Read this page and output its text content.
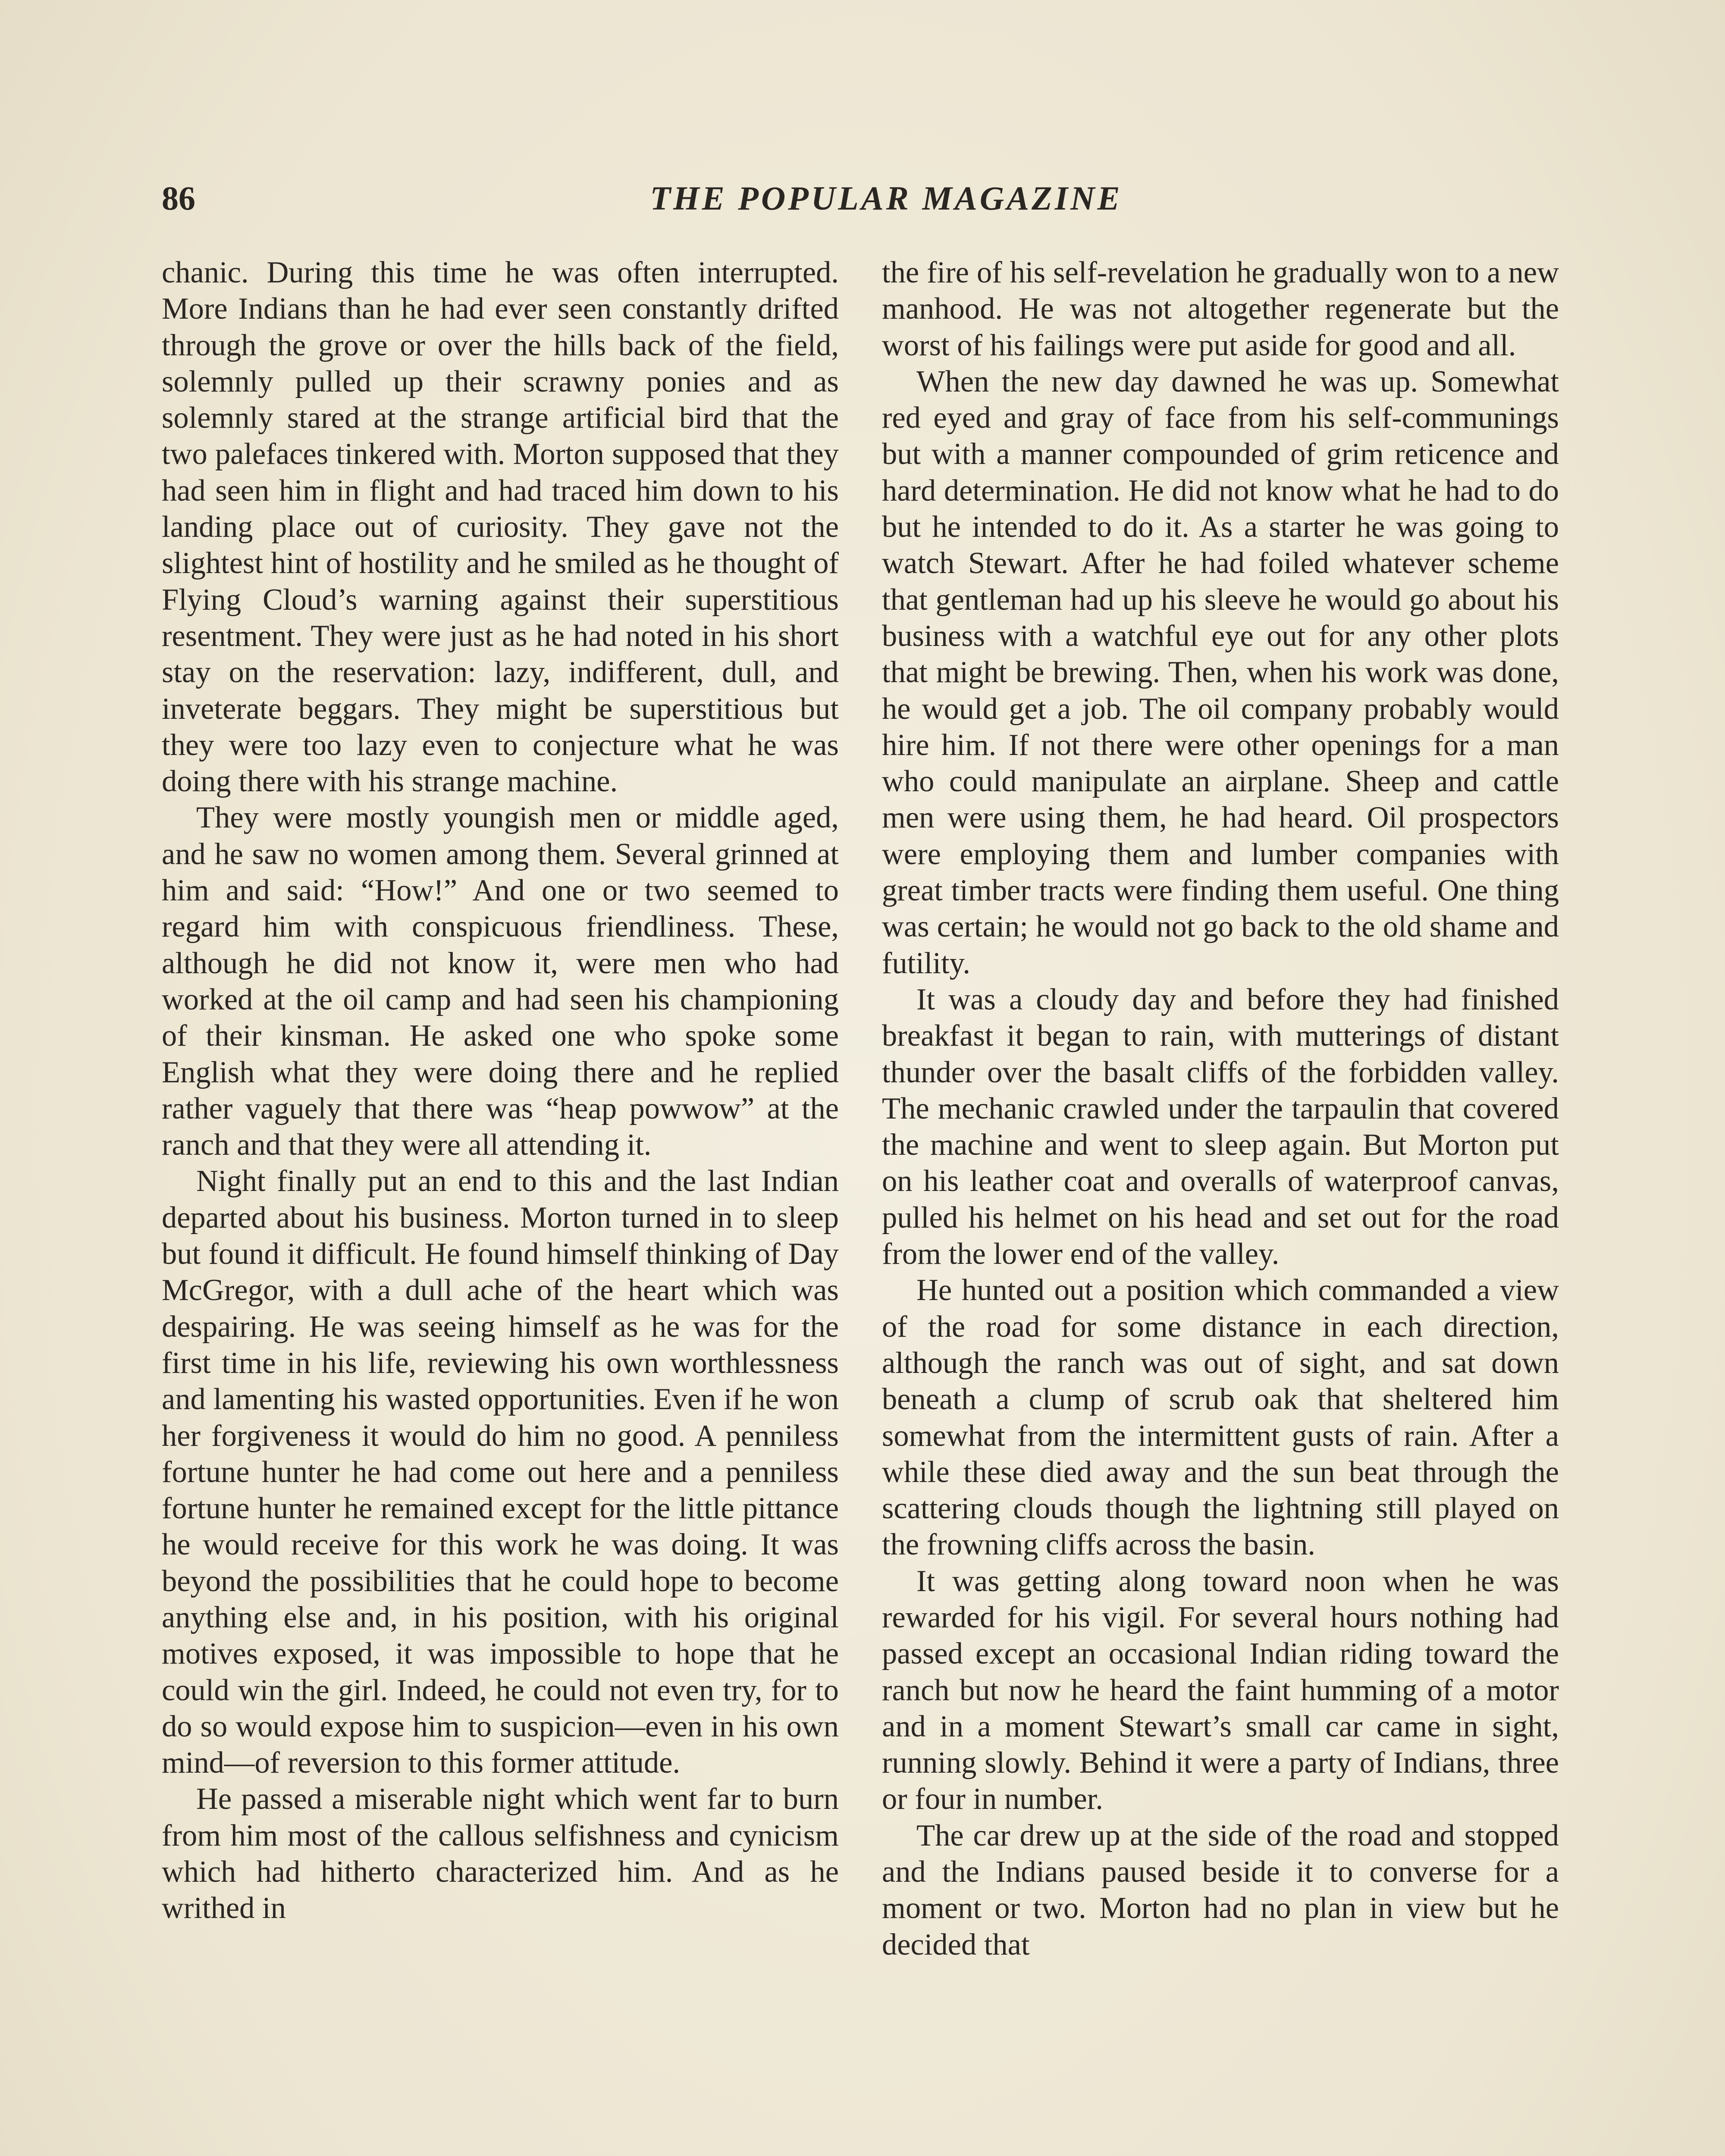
86	THE POPULAR MAGAZINE

chanic. During this time he was often interrupted. More Indians than he had ever seen constantly drifted through the grove or over the hills back of the field, solemnly pulled up their scrawny ponies and as solemnly stared at the strange artificial bird that the two palefaces tinkered with. Morton supposed that they had seen him in flight and had traced him down to his landing place out of curiosity. They gave not the slightest hint of hostility and he smiled as he thought of Flying Cloud’s warning against their superstitious resentment. They were just as he had noted in his short stay on the reservation: lazy, indifferent, dull, and inveterate beggars. They might be superstitious but they were too lazy even to conjecture what he was doing there with his strange machine.

They were mostly youngish men or middle aged, and he saw no women among them. Several grinned at him and said: “How!” And one or two seemed to regard him with conspicuous friendliness. These, although he did not know it, were men who had worked at the oil camp and had seen his championing of their kinsman. He asked one who spoke some English what they were doing there and he replied rather vaguely that there was “heap powwow” at the ranch and that they were all attending it.

Night finally put an end to this and the last Indian departed about his business. Morton turned in to sleep but found it difficult. He found himself thinking of Day McGregor, with a dull ache of the heart which was despairing. He was seeing himself as he was for the first time in his life, reviewing his own worthlessness and lamenting his wasted opportunities. Even if he won her forgiveness it would do him no good. A penniless fortune hunter he had come out here and a penniless fortune hunter he remained except for the little pittance he would receive for this work he was doing. It was beyond the possibilities that he could hope to become anything else and, in his position, with his original motives exposed, it was impossible to hope that he could win the girl. Indeed, he could not even try, for to do so would expose him to suspicion—even in his own mind—of reversion to this former attitude.

He passed a miserable night which went far to burn from him most of the callous selfishness and cynicism which had hitherto characterized him. And as he writhed in

the fire of his self-revelation he gradually won to a new manhood. He was not altogether regenerate but the worst of his failings were put aside for good and all.

When the new day dawned he was up. Somewhat red eyed and gray of face from his self-communings but with a manner compounded of grim reticence and hard determination. He did not know what he had to do but he intended to do it. As a starter he was going to watch Stewart. After he had foiled whatever scheme that gentleman had up his sleeve he would go about his business with a watchful eye out for any other plots that might be brewing. Then, when his work was done, he would get a job. The oil company probably would hire him. If not there were other openings for a man who could manipulate an airplane. Sheep and cattle men were using them, he had heard. Oil prospectors were employing them and lumber companies with great timber tracts were finding them useful. One thing was certain; he would not go back to the old shame and futility.

It was a cloudy day and before they had finished breakfast it began to rain, with mutterings of distant thunder over the basalt cliffs of the forbidden valley. The mechanic crawled under the tarpaulin that covered the machine and went to sleep again. But Morton put on his leather coat and overalls of waterproof canvas, pulled his helmet on his head and set out for the road from the lower end of the valley.

He hunted out a position which commanded a view of the road for some distance in each direction, although the ranch was out of sight, and sat down beneath a clump of scrub oak that sheltered him somewhat from the intermittent gusts of rain. After a while these died away and the sun beat through the scattering clouds though the lightning still played on the frowning cliffs across the basin.

It was getting along toward noon when he was rewarded for his vigil. For several hours nothing had passed except an occasional Indian riding toward the ranch but now he heard the faint humming of a motor and in a moment Stewart’s small car came in sight, running slowly. Behind it were a party of Indians, three or four in number.

The car drew up at the side of the road and stopped and the Indians paused beside it to converse for a moment or two. Morton had no plan in view but he decided that
